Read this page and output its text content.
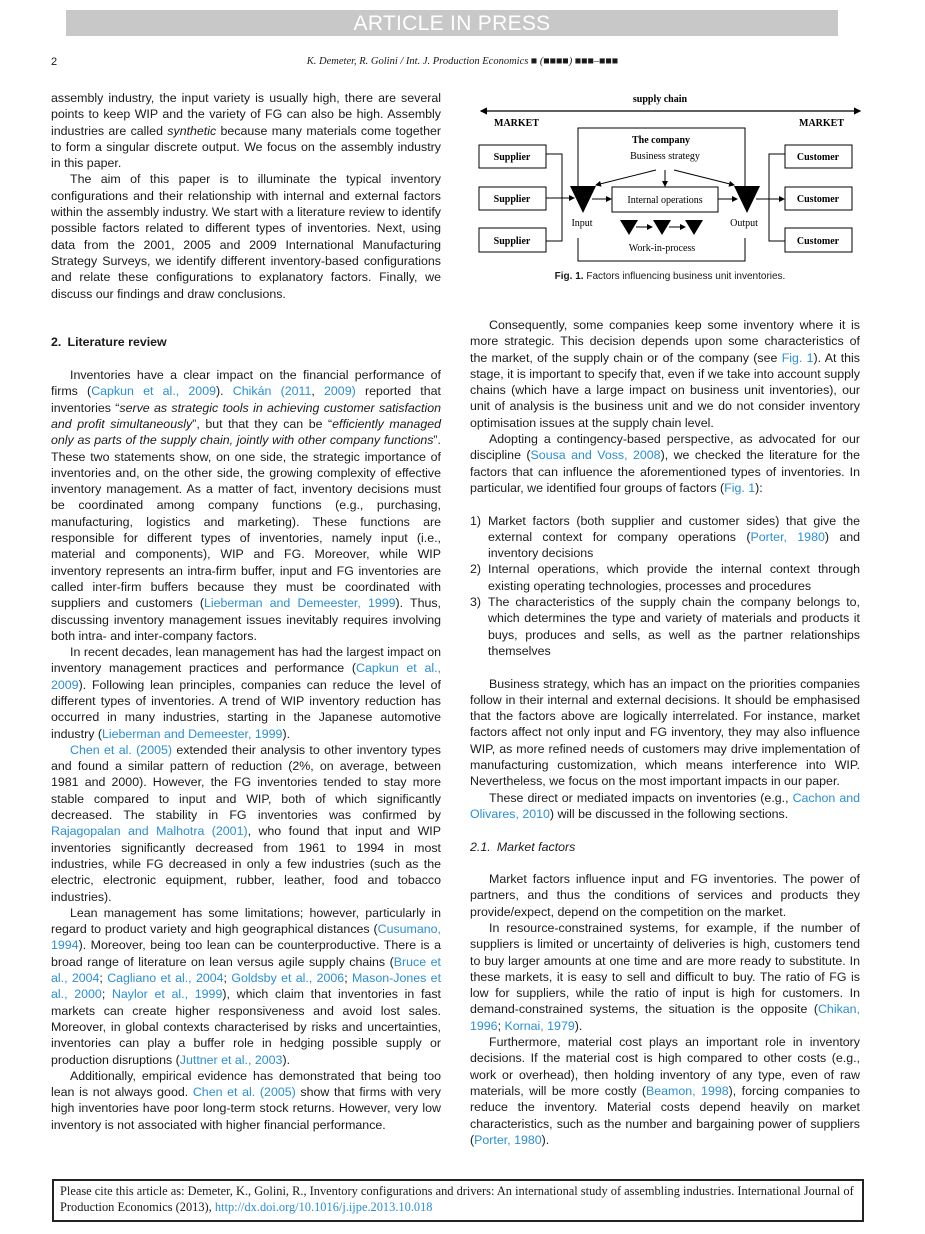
ARTICLE IN PRESS
2	K. Demeter, R. Golini / Int. J. Production Economics ■ (■■■■) ■■■–■■■

assembly industry, the input variety is usually high, there are several points to keep WIP and the variety of FG can also be high. Assembly industries are called synthetic because many materials come together to form a singular discrete output. We focus on the assembly industry in this paper.

The aim of this paper is to illuminate the typical inventory configurations and their relationship with internal and external factors within the assembly industry. We start with a literature review to identify possible factors related to different types of inventories. Next, using data from the 2001, 2005 and 2009 International Manufacturing Strategy Surveys, we identify different inventory-based configurations and relate these configurations to explanatory factors. Finally, we discuss our findings and draw conclusions.

2. Literature review

Inventories have a clear impact on the financial performance of firms (Capkun et al., 2009). Chikán (2011, 2009) reported that inventories “serve as strategic tools in achieving customer satisfaction and profit simultaneously”, but that they can be “efficiently managed only as parts of the supply chain, jointly with other company functions”. These two statements show, on one side, the strategic importance of inventories and, on the other side, the growing complexity of effective inventory management. As a matter of fact, inventory decisions must be coordinated among company functions (e.g., purchasing, manufacturing, logistics and marketing). These functions are responsible for different types of inventories, namely input (i.e., material and components), WIP and FG. Moreover, while WIP inventory represents an intra-firm buffer, input and FG inventories are called inter-firm buffers because they must be coordinated with suppliers and customers (Lieberman and Demeester, 1999). Thus, discussing inventory management issues inevitably requires involving both intra- and inter-company factors.

In recent decades, lean management has had the largest impact on inventory management practices and performance (Capkun et al., 2009). Following lean principles, companies can reduce the level of different types of inventories. A trend of WIP inventory reduction has occurred in many industries, starting in the Japanese automotive industry (Lieberman and Demeester, 1999).

Chen et al. (2005) extended their analysis to other inventory types and found a similar pattern of reduction (2%, on average, between 1981 and 2000). However, the FG inventories tended to stay more stable compared to input and WIP, both of which significantly decreased. The stability in FG inventories was confirmed by Rajagopalan and Malhotra (2001), who found that input and WIP inventories significantly decreased from 1961 to 1994 in most industries, while FG decreased in only a few industries (such as the electric, electronic equipment, rubber, leather, food and tobacco industries).

Lean management has some limitations; however, particularly in regard to product variety and high geographical distances (Cusumano, 1994). Moreover, being too lean can be counterproductive. There is a broad range of literature on lean versus agile supply chains (Bruce et al., 2004; Cagliano et al., 2004; Goldsby et al., 2006; Mason-Jones et al., 2000; Naylor et al., 1999), which claim that inventories in fast markets can create higher responsiveness and avoid lost sales. Moreover, in global contexts characterised by risks and uncertainties, inventories can play a buffer role in hedging possible supply or production disruptions (Juttner et al., 2003).

Additionally, empirical evidence has demonstrated that being too lean is not always good. Chen et al. (2005) show that firms with very high inventories have poor long-term stock returns. However, very low inventory is not associated with higher financial performance.

Consequently, some companies keep some inventory where it is more strategic. This decision depends upon some characteristics of the market, of the supply chain or of the company (see Fig. 1). At this stage, it is important to specify that, even if we take into account supply chains (which have a large impact on business unit inventories), our unit of analysis is the business unit and we do not consider inventory optimisation issues at the supply chain level.

Adopting a contingency-based perspective, as advocated for our discipline (Sousa and Voss, 2008), we checked the literature for the factors that can influence the aforementioned types of inventories. In particular, we identified four groups of factors (Fig. 1):

1) Market factors (both supplier and customer sides) that give the external context for company operations (Porter, 1980) and inventory decisions
2) Internal operations, which provide the internal context through existing operating technologies, processes and procedures
3) The characteristics of the supply chain the company belongs to, which determines the type and variety of materials and products it buys, produces and sells, as well as the partner relationships themselves

Business strategy, which has an impact on the priorities companies follow in their internal and external decisions. It should be emphasised that the factors above are logically interrelated. For instance, market factors affect not only input and FG inventory, they may also influence WIP, as more refined needs of customers may drive implementation of manufacturing customization, which means interference into WIP. Nevertheless, we focus on the most important impacts in our paper.

These direct or mediated impacts on inventories (e.g., Cachon and Olivares, 2010) will be discussed in the following sections.

2.1. Market factors

Market factors influence input and FG inventories. The power of partners, and thus the conditions of services and products they provide/expect, depend on the competition on the market.

In resource-constrained systems, for example, if the number of suppliers is limited or uncertainty of deliveries is high, customers tend to buy larger amounts at one time and are more ready to substitute. In these markets, it is easy to sell and difficult to buy. The ratio of FG is low for suppliers, while the ratio of input is high for customers. In demand-constrained systems, the situation is the opposite (Chikan, 1996; Kornai, 1979).

Furthermore, material cost plays an important role in inventory decisions. If the material cost is high compared to other costs (e.g., work or overhead), then holding inventory of any type, even of raw materials, will be more costly (Beamon, 1998), forcing companies to reduce the inventory. Material costs depend heavily on market characteristics, such as the number and bargaining power of suppliers (Porter, 1980).

supply chain
MARKET	MARKET
The company
Business strategy
Supplier
Supplier
Supplier
Input
Internal operations
Output
Work-in-process
Customer
Customer
Customer
Fig. 1. Factors influencing business unit inventories.
Please cite this article as: Demeter, K., Golini, R., Inventory configurations and drivers: An international study of assembling industries. International Journal of Production Economics (2013), http://dx.doi.org/10.1016/j.ijpe.2013.10.018
